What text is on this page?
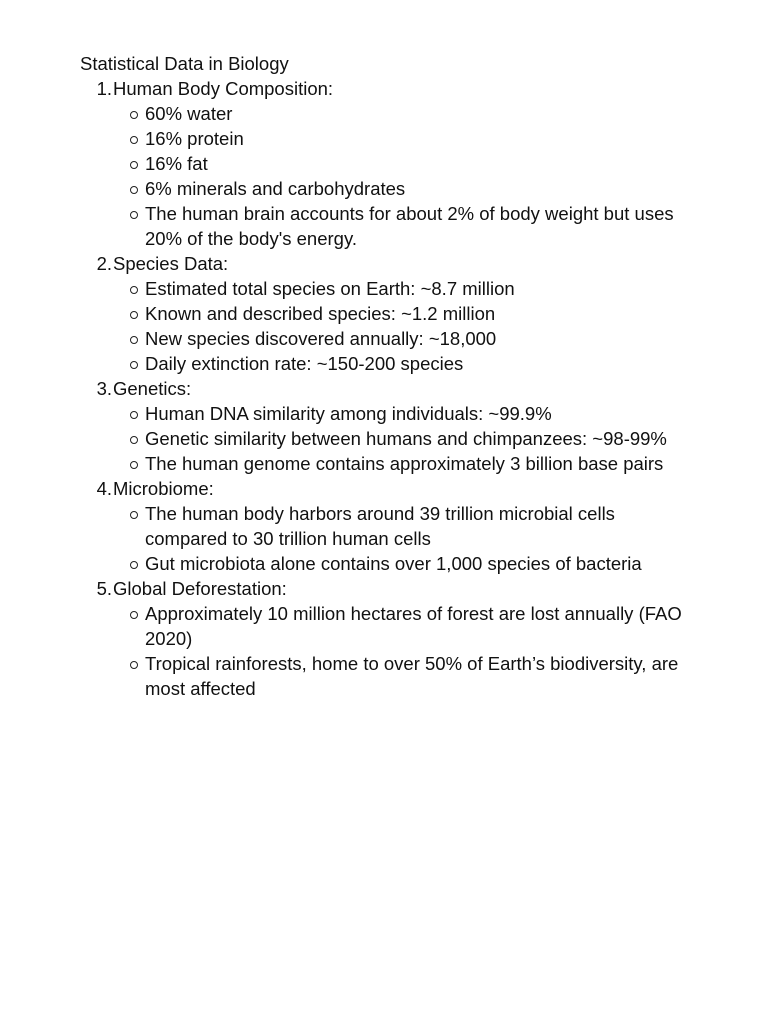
Statistical Data in Biology
1. Human Body Composition:
60% water
16% protein
16% fat
6% minerals and carbohydrates
The human brain accounts for about 2% of body weight but uses 20% of the body's energy.
2. Species Data:
Estimated total species on Earth: ~8.7 million
Known and described species: ~1.2 million
New species discovered annually: ~18,000
Daily extinction rate: ~150-200 species
3. Genetics:
Human DNA similarity among individuals: ~99.9%
Genetic similarity between humans and chimpanzees: ~98-99%
The human genome contains approximately 3 billion base pairs
4. Microbiome:
The human body harbors around 39 trillion microbial cells compared to 30 trillion human cells
Gut microbiota alone contains over 1,000 species of bacteria
5. Global Deforestation:
Approximately 10 million hectares of forest are lost annually (FAO 2020)
Tropical rainforests, home to over 50% of Earth’s biodiversity, are most affected
